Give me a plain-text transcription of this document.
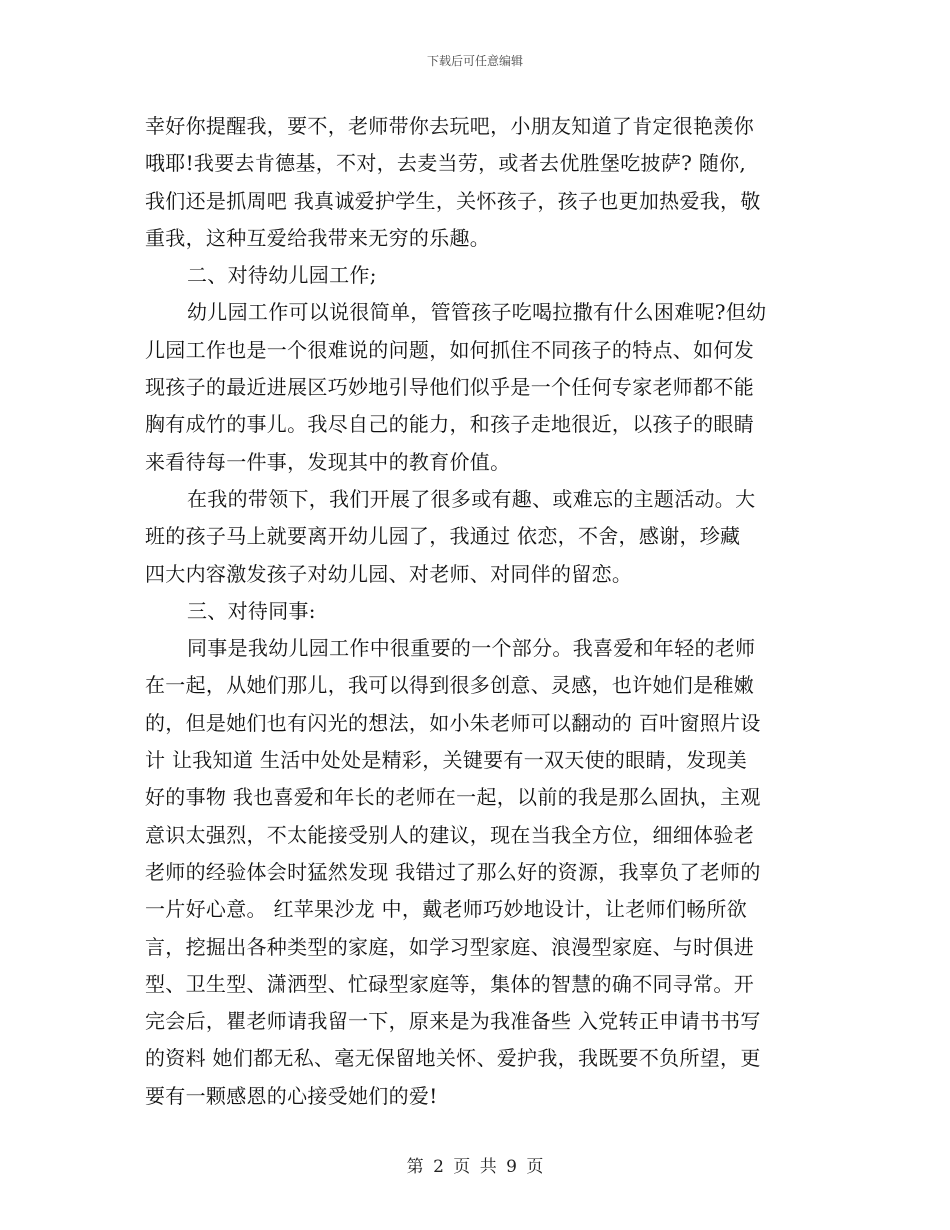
下载后可任意编辑
幸好你提醒我，要不，老师带你去玩吧，小朋友知道了肯定很艳羡你
哦耶!我要去肯德基，不对，去麦当劳，或者去优胜堡吃披萨? 随你,
我们还是抓周吧 我真诚爱护学生，关怀孩子，孩子也更加热爱我，敬
重我，这种互爱给我带来无穷的乐趣。
二、对待幼儿园工作;
幼儿园工作可以说很简单，管管孩子吃喝拉撒有什么困难呢?但幼
儿园工作也是一个很难说的问题，如何抓住不同孩子的特点、如何发
现孩子的最近进展区巧妙地引导他们似乎是一个任何专家老师都不能
胸有成竹的事儿。我尽自己的能力，和孩子走地很近，以孩子的眼睛
来看待每一件事，发现其中的教育价值。
在我的带领下，我们开展了很多或有趣、或难忘的主题活动。大
班的孩子马上就要离开幼儿园了，我通过 依恋，不舍，感谢，珍藏
四大内容激发孩子对幼儿园、对老师、对同伴的留恋。
三、对待同事:
同事是我幼儿园工作中很重要的一个部分。我喜爱和年轻的老师
在一起，从她们那儿，我可以得到很多创意、灵感，也许她们是稚嫩
的，但是她们也有闪光的想法，如小朱老师可以翻动的 百叶窗照片设
计 让我知道 生活中处处是精彩，关键要有一双天使的眼睛，发现美
好的事物 我也喜爱和年长的老师在一起，以前的我是那么固执，主观
意识太强烈，不太能接受别人的建议，现在当我全方位，细细体验老
老师的经验体会时猛然发现 我错过了那么好的资源，我辜负了老师的
一片好心意。 红苹果沙龙 中，戴老师巧妙地设计，让老师们畅所欲
言，挖掘出各种类型的家庭，如学习型家庭、浪漫型家庭、与时俱进
型、卫生型、潇洒型、忙碌型家庭等，集体的智慧的确不同寻常。开
完会后，瞿老师请我留一下，原来是为我准备些 入党转正申请书书写
的资料 她们都无私、毫无保留地关怀、爱护我，我既要不负所望，更
要有一颗感恩的心接受她们的爱!
第 2 页 共 9 页
